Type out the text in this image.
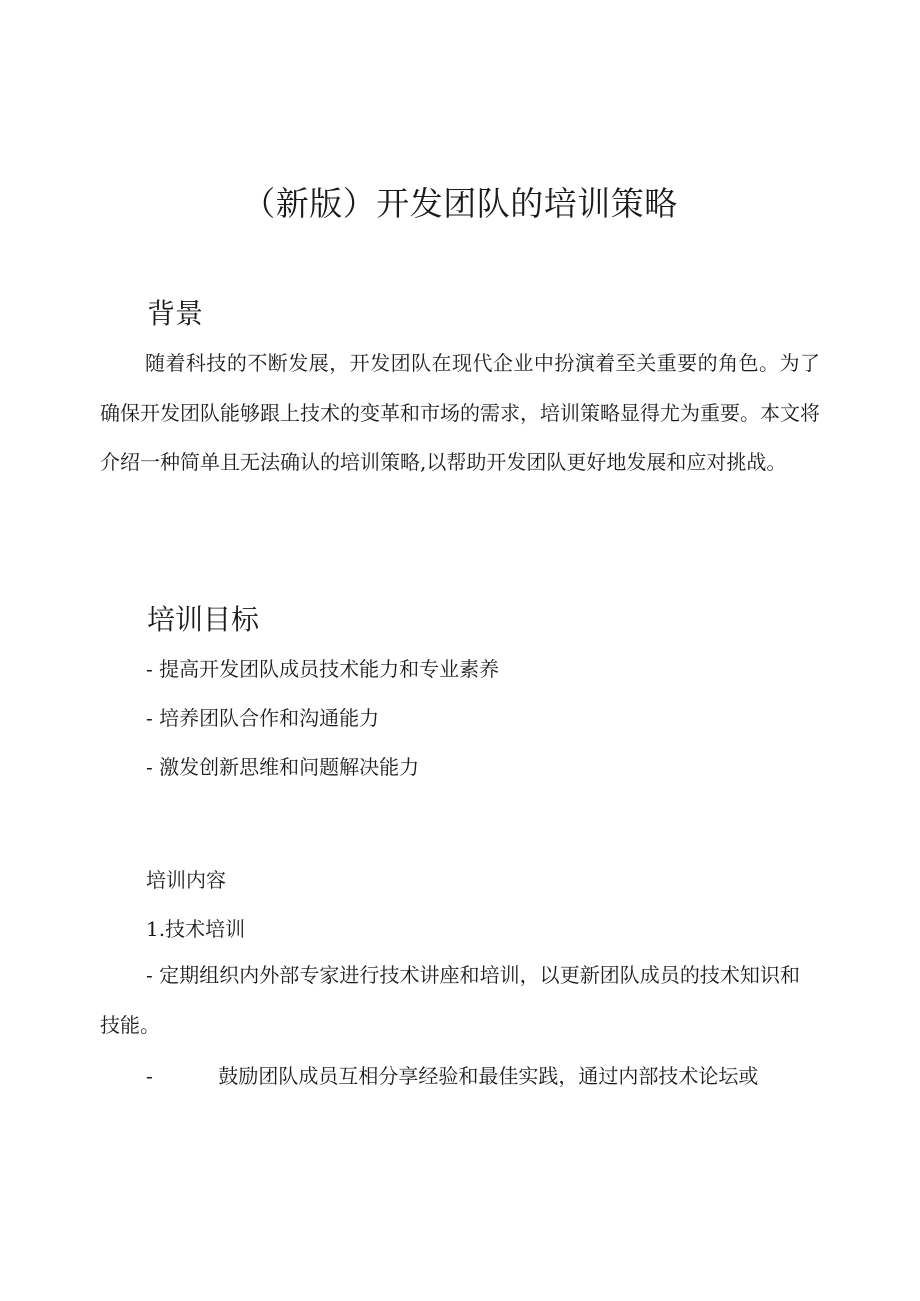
（新版）开发团队的培训策略
背景

随着科技的不断发展，开发团队在现代企业中扮演着至关重要的角色。为了确保开发团队能够跟上技术的变革和市场的需求，培训策略显得尤为重要。本文将介绍一种简单且无法确认的培训策略,以帮助开发团队更好地发展和应对挑战。

培训目标

- 提高开发团队成员技术能力和专业素养

- 培养团队合作和沟通能力

- 激发创新思维和问题解决能力

培训内容

1.技术培训

- 定期组织内外部专家进行技术讲座和培训，以更新团队成员的技术知识和技能。

-	鼓励团队成员互相分享经验和最佳实践，通过内部技术论坛或
